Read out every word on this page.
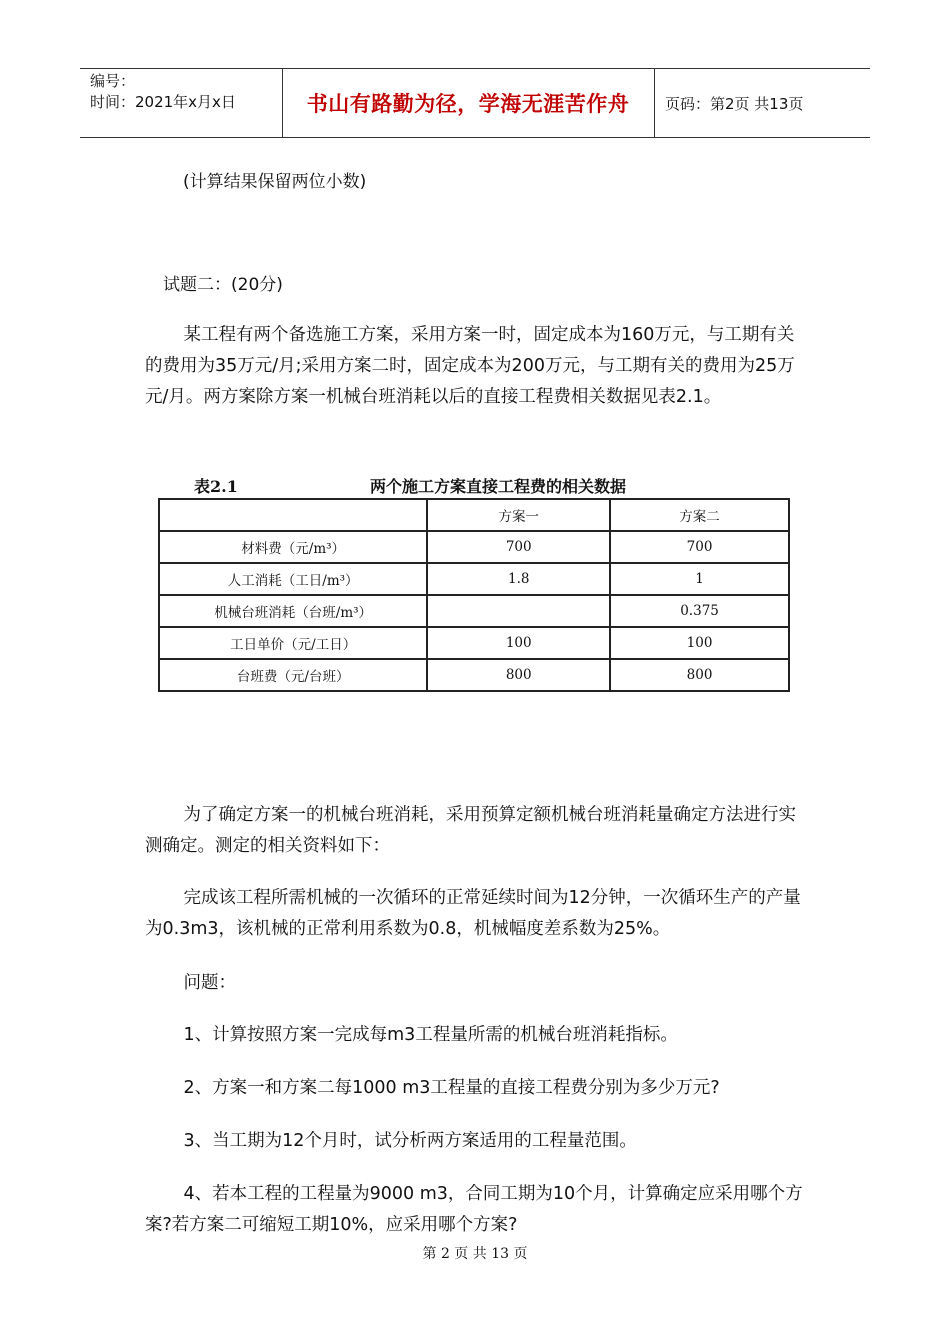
编号：
时间：2021年x月x日	书山有路勤为径，学海无涯苦作舟	页码：第2页 共13页

(计算结果保留两位小数)

试题二：(20分)

某工程有两个备选施工方案，采用方案一时，固定成本为160万元，与工期有关的费用为35万元/月;采用方案二时，固定成本为200万元，与工期有关的费用为25万元/月。两方案除方案一机械台班消耗以后的直接工程费相关数据见表2.1。

表2.1	两个施工方案直接工程费的相关数据
	方案一	方案二
材料费（元/m³）	700	700
人工消耗（工日/m³）	1.8	1
机械台班消耗（台班/m³）		0.375
工日单价（元/工日）	100	100
台班费（元/台班）	800	800

为了确定方案一的机械台班消耗，采用预算定额机械台班消耗量确定方法进行实测确定。测定的相关资料如下：

完成该工程所需机械的一次循环的正常延续时间为12分钟，一次循环生产的产量为0.3m3，该机械的正常利用系数为0.8，机械幅度差系数为25%。

问题：

1、计算按照方案一完成每m3工程量所需的机械台班消耗指标。

2、方案一和方案二每1000 m3工程量的直接工程费分别为多少万元?

3、当工期为12个月时，试分析两方案适用的工程量范围。

4、若本工程的工程量为9000 m3，合同工期为10个月，计算确定应采用哪个方案?若方案二可缩短工期10%，应采用哪个方案?

第 2 页 共 13 页
